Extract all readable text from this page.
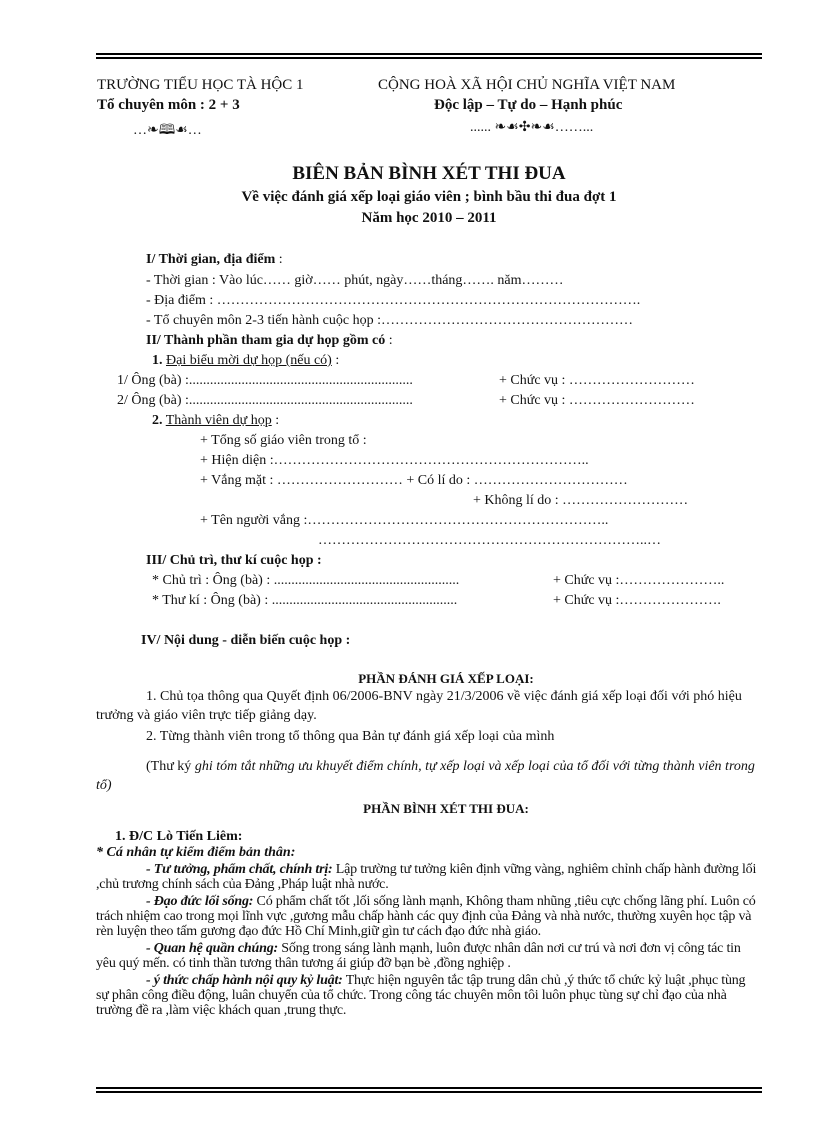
TRƯỜNG TIỂU HỌC TÀ HỘC 1
Tổ chuyên môn : 2 + 3
…❧🕮☙…
CỘNG HOÀ XÃ HỘI CHỦ NGHĨA VIỆT NAM
Độc lập – Tự do – Hạnh phúc
...... ❧☙✣❧☙……...
BIÊN BẢN BÌNH XÉT THI ĐUA
Về việc đánh giá xếp loại giáo viên ; bình bầu thi đua đợt 1
Năm học 2010 – 2011
I/ Thời gian, địa điểm :
- Thời gian : Vào lúc…… giờ…… phút, ngày……tháng……. năm………
- Địa điểm : ……………………………………………………………………………….
- Tổ chuyên môn 2-3 tiến hành cuộc họp :………………………………………………
II/ Thành phần tham gia dự họp gồm có :
1. Đại biểu mời dự họp (nếu có) :
1/ Ông (bà) :................................................................	+ Chức vụ : ………………………
2/ Ông (bà) :................................................................	+ Chức vụ : ………………………
2. Thành viên dự họp :
+ Tổng số giáo viên trong tổ :
+ Hiện diện :…………………………………………………………..
+ Vắng mặt : ……………………… + Có lí do : ……………………………
+ Không lí do : ………………………
+ Tên người vắng :………………………………………………………..
……………………………………………………………..…
III/ Chủ trì, thư kí cuộc họp :
* Chủ trì : Ông (bà) : .....................................................	+ Chức vụ :…………………..
* Thư kí : Ông (bà) : .....................................................	+ Chức vụ :………………….
IV/ Nội dung - diễn biến cuộc họp :
PHẦN ĐÁNH GIÁ XẾP LOẠI:
1. Chủ tọa thông qua Quyết định 06/2006-BNV ngày 21/3/2006 về việc đánh giá xếp loại đối với phó hiệu trưởng và giáo viên trực tiếp giảng dạy.
2. Từng thành viên trong tổ thông qua Bản tự đánh giá xếp loại của mình
(Thư ký ghi tóm tắt những ưu khuyết điểm chính, tự xếp loại và xếp loại của tổ đối với từng thành viên trong tổ)
PHẦN BÌNH XÉT THI ĐUA:
1. Đ/C Lò Tiến Liêm:
* Cá nhân tự kiểm điểm bản thân:

- Tư tưởng, phẩm chất, chính trị: Lập trường tư tưởng kiên định vững vàng, nghiêm chỉnh chấp hành đường lối ,chủ trương chính sách của Đảng ,Pháp luật nhà nước.

- Đạo đức lối sống: Có phẩm chất tốt ,lối sống lành mạnh, Không tham nhũng ,tiêu cực chống lãng phí. Luôn có trách nhiệm cao trong mọi lĩnh vực ,gương mẫu chấp hành các quy định của Đảng và nhà nước, thường xuyên học tập và rèn luyện theo tấm gương đạo đức Hồ Chí Minh,giữ gìn tư cách đạo đức nhà giáo.

- Quan hệ quần chúng: Sống trong sáng lành mạnh, luôn được nhân dân nơi cư trú và nơi đơn vị công tác tin yêu quý mến. có tinh thần tương thân tương ái giúp đỡ bạn bè ,đồng nghiệp .

- ý thức chấp hành nội quy kỷ luật: Thực hiện nguyên tắc tập trung dân chủ ,ý thức tổ chức kỷ luật ,phục tùng sự phân công điều động, luân chuyển của tổ chức. Trong công tác chuyên môn tôi luôn phục tùng sự chỉ đạo của nhà trường đề ra ,làm việc khách quan ,trung thực.
